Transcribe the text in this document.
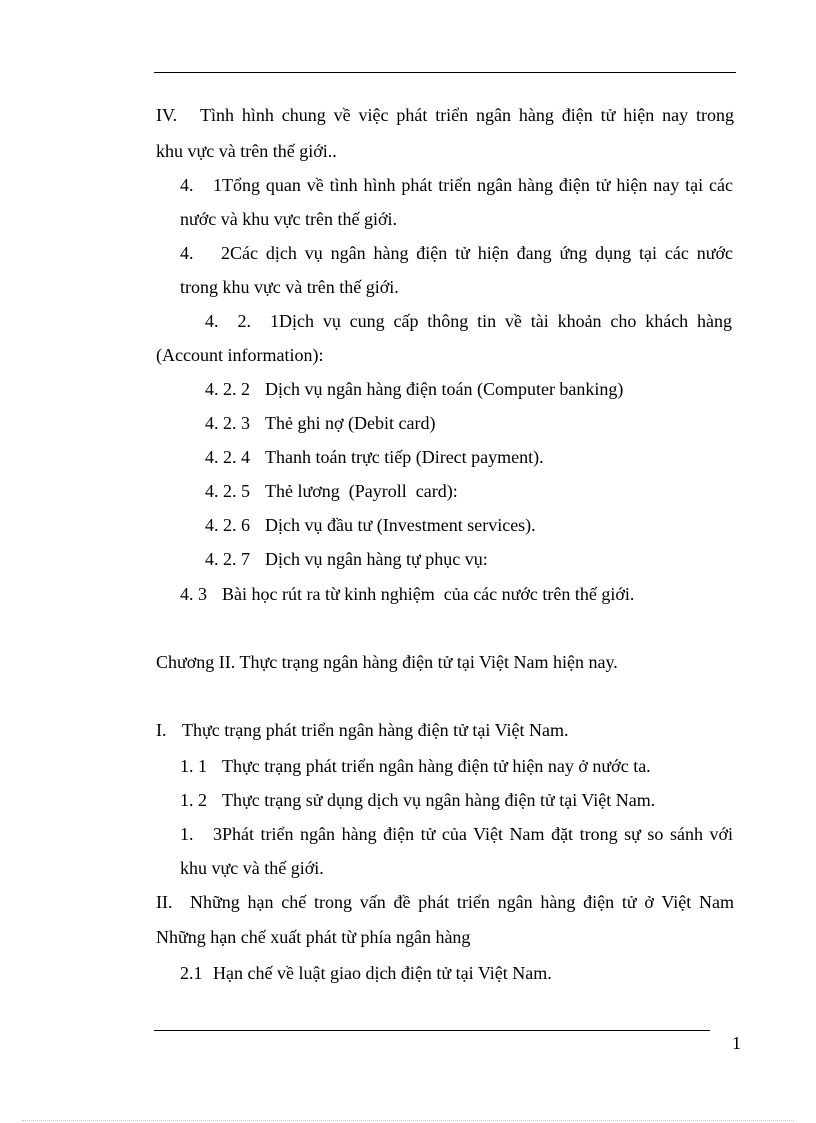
IV. Tình hình chung về việc phát triển ngân hàng điện tử hiện nay trong
khu vực và trên thế giới..
4. 1Tổng quan về tình hình phát triển ngân hàng điện tử hiện nay tại các
nước và khu vực trên thế giới.
4. 2Các dịch vụ ngân hàng điện tử hiện đang ứng dụng tại các nước
trong khu vực và trên thế giới.
4. 2. 1Dịch vụ cung cấp thông tin về tài khoản cho khách hàng
(Account information):
4. 2. 2 Dịch vụ ngân hàng điện toán (Computer banking)
4. 2. 3 Thẻ ghi nợ (Debit card)
4. 2. 4 Thanh toán trực tiếp (Direct payment).
4. 2. 5 Thẻ lương  (Payroll  card):
4. 2. 6 Dịch vụ đầu tư (Investment services).
4. 2. 7 Dịch vụ ngân hàng tự phục vụ:
4. 3 Bài học rút ra từ kinh nghiệm  của các nước trên thế giới.
Chương II. Thực trạng ngân hàng điện tử tại Việt Nam hiện nay.
I. Thực trạng phát triển ngân hàng điện tử tại Việt Nam.
1. 1 Thực trạng phát triển ngân hàng điện tử hiện nay ở nước ta.
1. 2 Thực trạng sử dụng dịch vụ ngân hàng điện tử tại Việt Nam.
1. 3Phát triển ngân hàng điện tử của Việt Nam đặt trong sự so sánh với
khu vực và thế giới.
II. Những hạn chế trong vấn đề phát triển ngân hàng điện tử ở Việt Nam
Những hạn chế xuất phát từ phía ngân hàng
2.1 Hạn chế về luật giao dịch điện tử tại Việt Nam.
1
